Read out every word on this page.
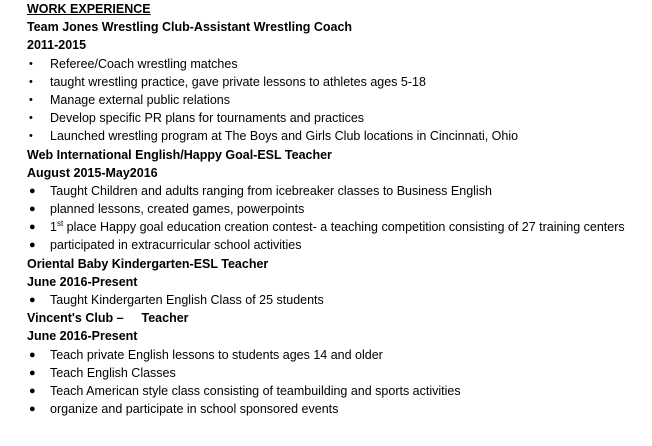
WORK EXPERIENCE
Team Jones Wrestling Club-Assistant Wrestling Coach
2011-2015
• Referee/Coach wrestling matches
• taught wrestling practice, gave private lessons to athletes ages 5-18
• Manage external public relations
• Develop specific PR plans for tournaments and practices
• Launched wrestling program at The Boys and Girls Club locations in Cincinnati, Ohio
Web International English/Happy Goal-ESL Teacher
August 2015-May2016
● Taught Children and adults ranging from icebreaker classes to Business English
● planned lessons, created games, powerpoints
● 1st place Happy goal education creation contest- a teaching competition consisting of 27 training centers
● participated in extracurricular school activities
Oriental Baby Kindergarten-ESL Teacher
June 2016-Present
● Taught Kindergarten English Class of 25 students
Vincent's Club – Teacher
June 2016-Present
● Teach private English lessons to students ages 14 and older
● Teach English Classes
● Teach American style class consisting of teambuilding and sports activities
● organize and participate in school sponsored events
